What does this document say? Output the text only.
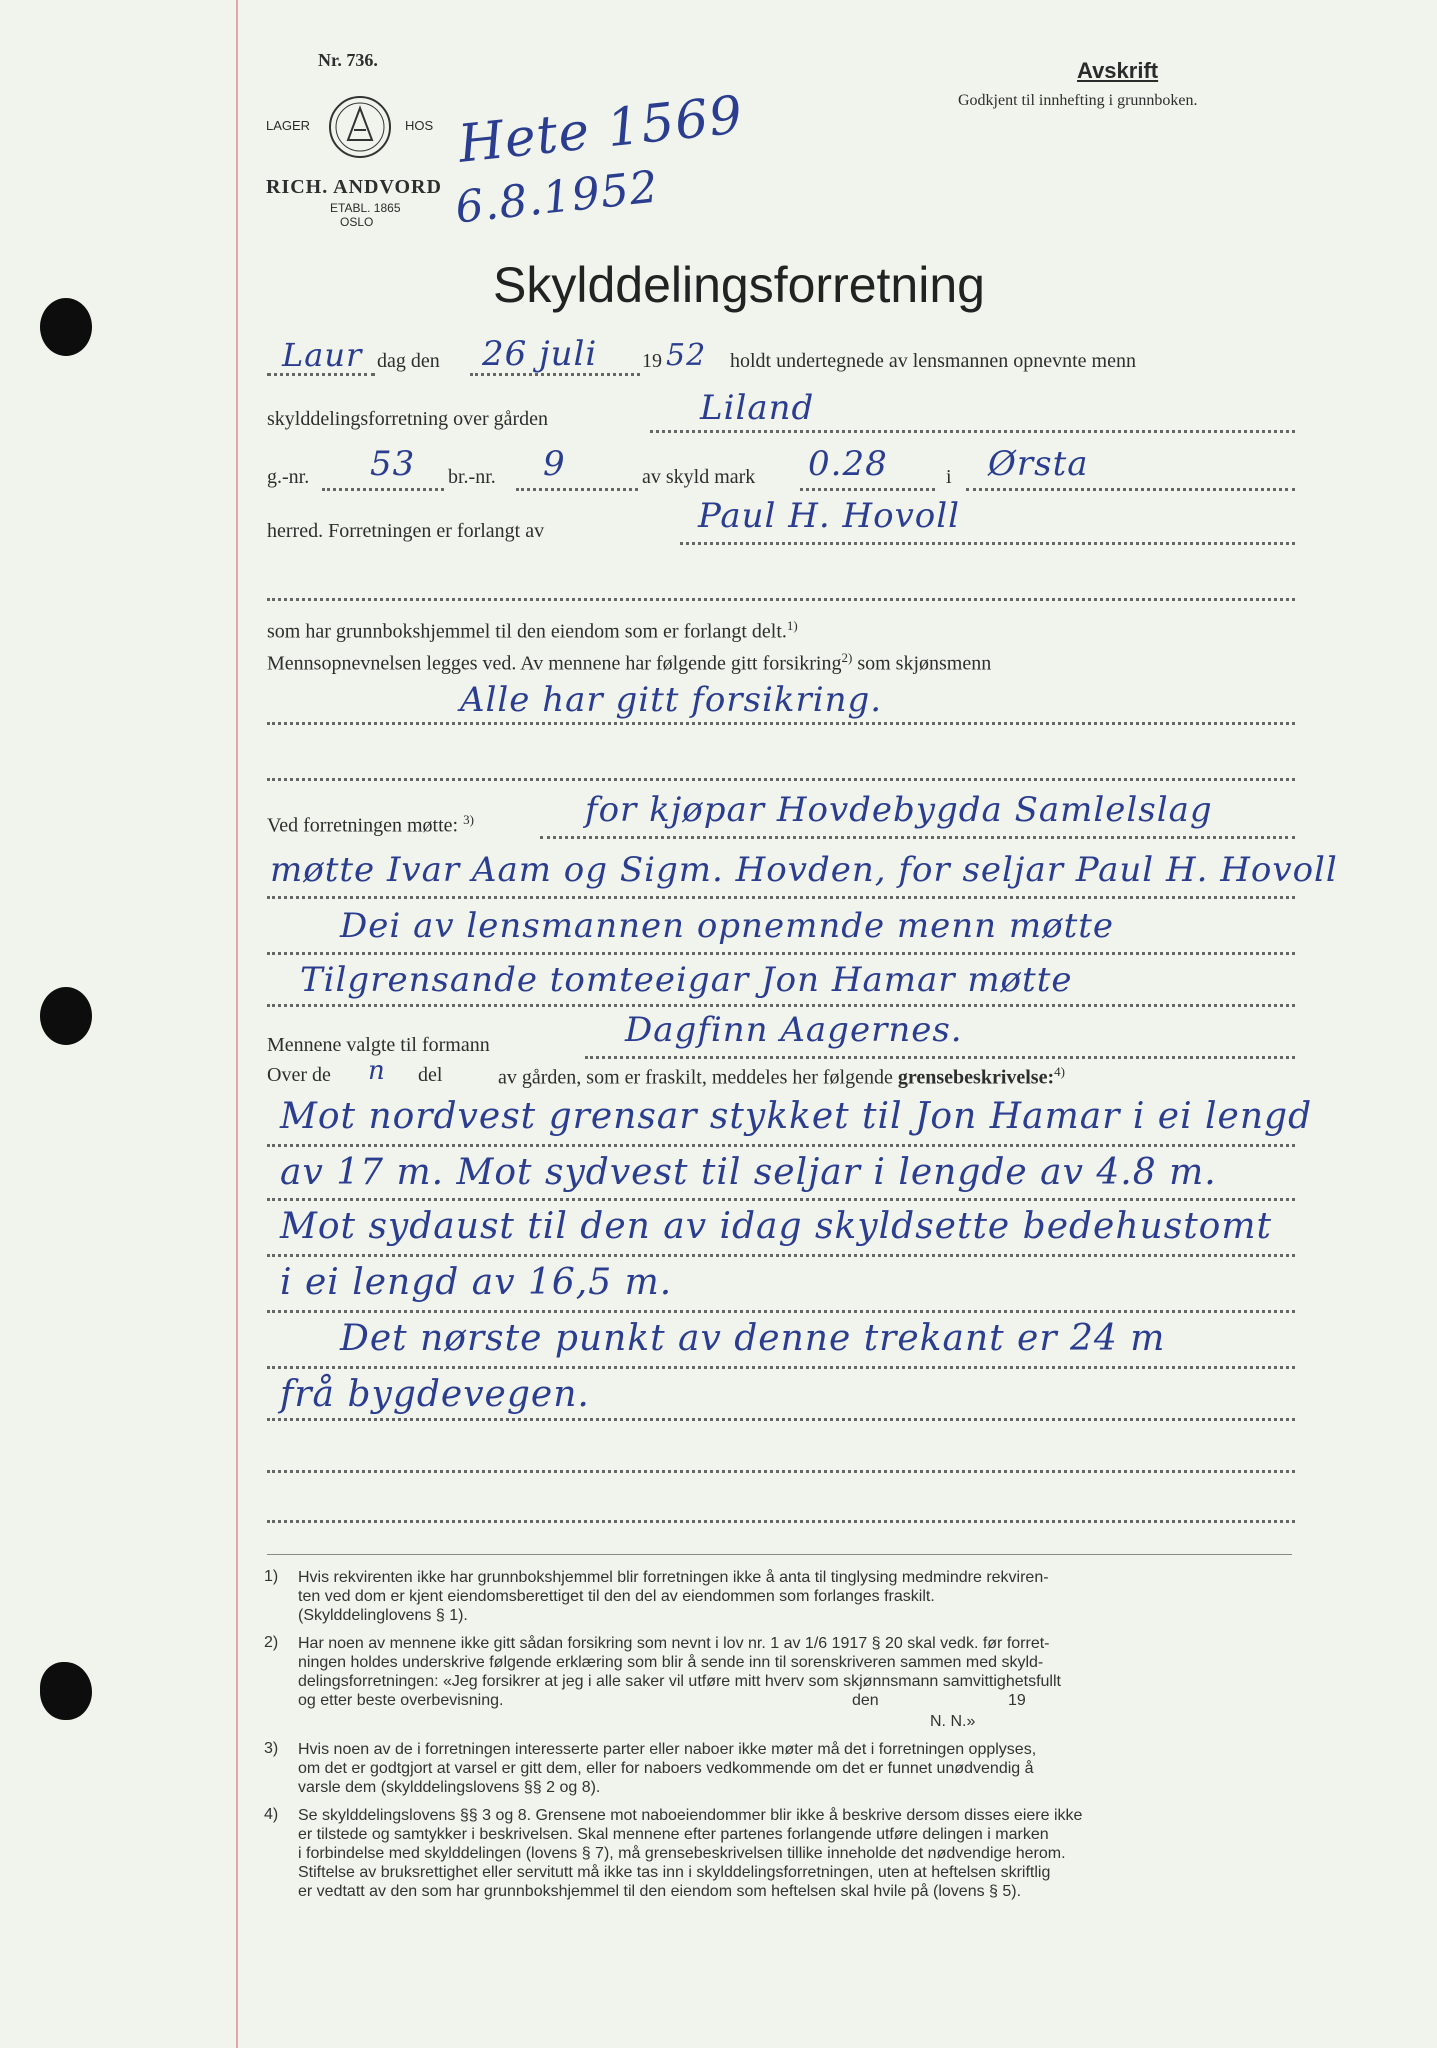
Nr. 736.	Avskrift
Godkjent til innhefting i grunnboken.
LAGER	HOS
RICH. ANDVORD
ETABL. 1865
OSLO
Hete 1569
6.8.1952
Skylddelingsforretning
Laur dag den 26 juli 19 52 holdt undertegnede av lensmannen opnevnte menn
skylddelingsforretning over gården	Liland
g.-nr. 53 br.-nr. 9	av skyld mark 0.28	i Ørsta
herred. Forretningen er forlangt av	Paul H. Hovoll
som har grunnbokshjemmel til den eiendom som er forlangt delt.$^{1)}$
Mennsopnevnelsen legges ved. Av mennene har følgende gitt forsikring$^{2)}$ som skjønsmenn
Alle har gitt forsikring.
Ved forretningen møtte: $^{3)}$	for kjøpar Hovdebygda Samlelslag
møtte Ivar Aam og Sigm. Hovden, for seljar Paul H. Hovoll
Dei av lensmannen opnemnde menn møtte
Tilgrensande tomteeigar Jon Hamar møtte
Mennene valgte til formann	Dagfinn Aagernes.
Over de n del	av gården, som er fraskilt, meddeles her følgende grensebeskrivelse:$^{4)}$
Mot nordvest grensar stykket til Jon Hamar i ei lengd
av 17 m. Mot sydvest til seljar i lengde av 4.8 m.
Mot sydaust til den av idag skyldsette bedehustomt
i ei lengd av 16,5 m.
Det nørste punkt av denne trekant er 24 m
frå bygdevegen.
1) Hvis rekvirenten ikke har grunnbokshjemmel blir forretningen ikke å anta til tinglysing medmindre rekviren-
ten ved dom er kjent eiendomsberettiget til den del av eiendommen som forlanges fraskilt.
(Skylddelinglovens § 1).
2) Har noen av mennene ikke gitt sådan forsikring som nevnt i lov nr. 1 av 1/6 1917 § 20 skal vedk. før forret-
ningen holdes underskrive følgende erklæring som blir å sende inn til sorenskriveren sammen med skyld-
delingsforretningen: «Jeg forsikrer at jeg i alle saker vil utføre mitt hverv som skjønnsmann samvittighetsfullt
og etter beste overbevisning.	den	19
N. N.»
3) Hvis noen av de i forretningen interesserte parter eller naboer ikke møter må det i forretningen opplyses,
om det er godtgjort at varsel er gitt dem, eller for naboers vedkommende om det er funnet unødvendig å
varsle dem (skylddelingslovens §§ 2 og 8).
4) Se skylddelingslovens §§ 3 og 8. Grensene mot naboeiendommer blir ikke å beskrive dersom disses eiere ikke
er tilstede og samtykker i beskrivelsen. Skal mennene efter partenes forlangende utføre delingen i marken
i forbindelse med skylddelingen (lovens § 7), må grensebeskrivelsen tillike inneholde det nødvendige herom.
Stiftelse av bruksrettighet eller servitutt må ikke tas inn i skylddelingsforretningen, uten at heftelsen skriftlig
er vedtatt av den som har grunnbokshjemmel til den eiendom som heftelsen skal hvile på (lovens § 5).
